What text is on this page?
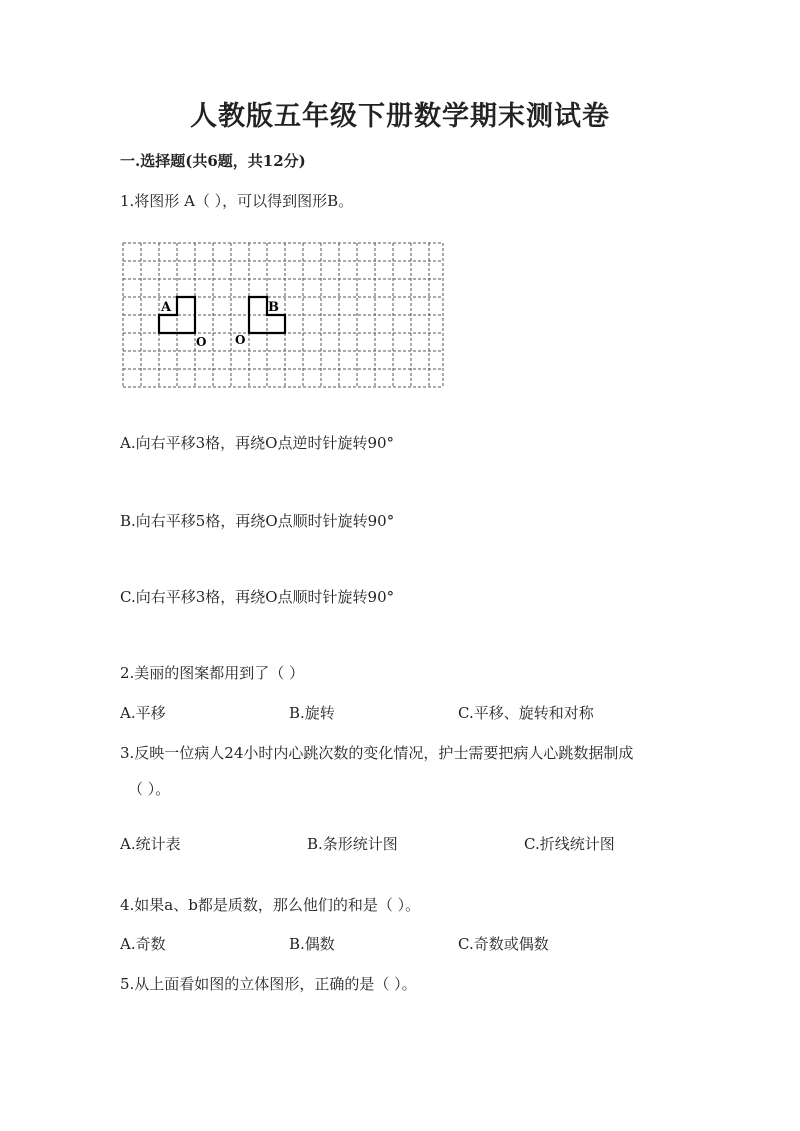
人教版五年级下册数学期末测试卷
一.选择题(共6题，共12分)
1.将图形 A（ ），可以得到图形B。
A	B
O O
A.向右平移3格，再绕O点逆时针旋转90°
B.向右平移5格，再绕O点顺时针旋转90°
C.向右平移3格，再绕O点顺时针旋转90°
2.美丽的图案都用到了（ ）
A.平移	B.旋转	C.平移、旋转和对称
3.反映一位病人24小时内心跳次数的变化情况，护士需要把病人心跳数据制成
（ ）。
A.统计表	B.条形统计图	C.折线统计图
4.如果a、b都是质数，那么他们的和是（ ）。
A.奇数	B.偶数	C.奇数或偶数
5.从上面看如图的立体图形，正确的是（ ）。
